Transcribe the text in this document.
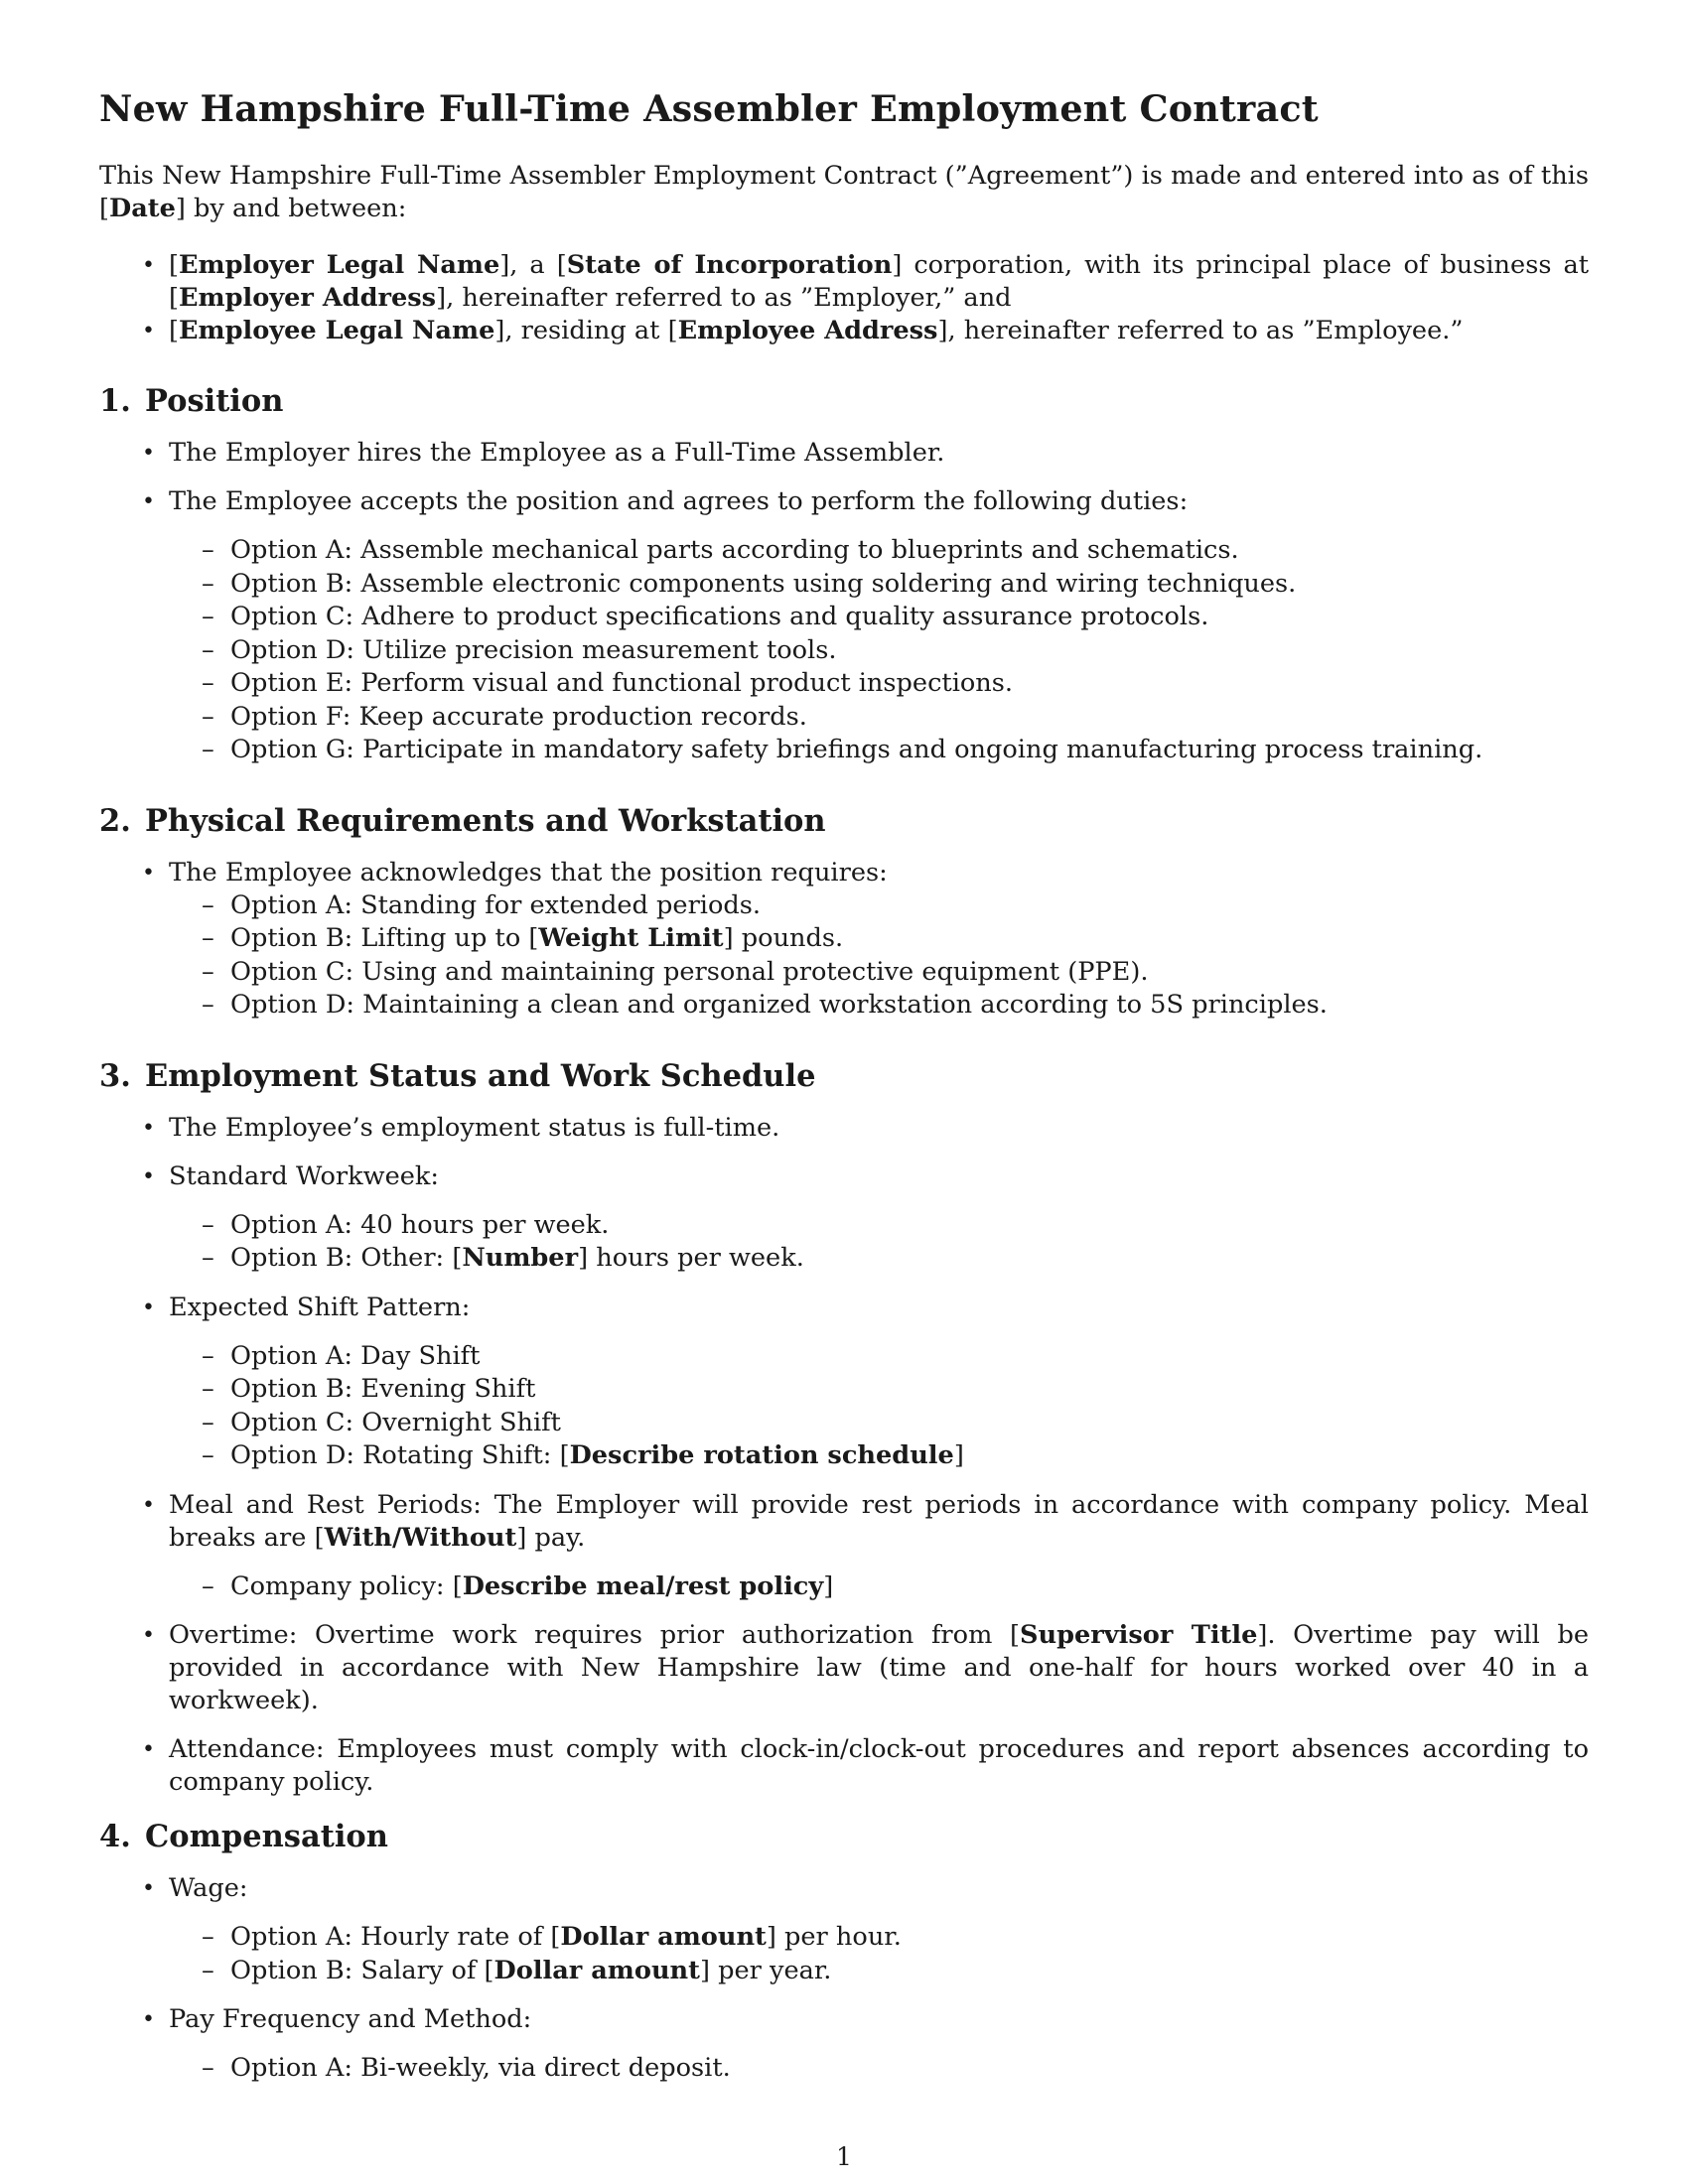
New Hampshire Full-Time Assembler Employment Contract

This New Hampshire Full-Time Assembler Employment Contract (”Agreement”) is made and entered into as of this [Date] by and between:

• [Employer Legal Name], a [State of Incorporation] corporation, with its principal place of business at [Employer Address], hereinafter referred to as ”Employer,” and
• [Employee Legal Name], residing at [Employee Address], hereinafter referred to as ”Employee.”
1. Position
• The Employer hires the Employee as a Full-Time Assembler.
• The Employee accepts the position and agrees to perform the following duties:
– Option A: Assemble mechanical parts according to blueprints and schematics.
– Option B: Assemble electronic components using soldering and wiring techniques.
– Option C: Adhere to product specifications and quality assurance protocols.
– Option D: Utilize precision measurement tools.
– Option E: Perform visual and functional product inspections.
– Option F: Keep accurate production records.
– Option G: Participate in mandatory safety briefings and ongoing manufacturing process training.
2. Physical Requirements and Workstation
• The Employee acknowledges that the position requires:
– Option A: Standing for extended periods.
– Option B: Lifting up to [Weight Limit] pounds.
– Option C: Using and maintaining personal protective equipment (PPE).
– Option D: Maintaining a clean and organized workstation according to 5S principles.
3. Employment Status and Work Schedule
• The Employee’s employment status is full-time.
• Standard Workweek:
– Option A: 40 hours per week.
– Option B: Other: [Number] hours per week.
• Expected Shift Pattern:
– Option A: Day Shift
– Option B: Evening Shift
– Option C: Overnight Shift
– Option D: Rotating Shift: [Describe rotation schedule]
• Meal and Rest Periods: The Employer will provide rest periods in accordance with company policy. Meal breaks are [With/Without] pay.
– Company policy: [Describe meal/rest policy]
• Overtime: Overtime work requires prior authorization from [Supervisor Title]. Overtime pay will be provided in accordance with New Hampshire law (time and one-half for hours worked over 40 in a workweek).
• Attendance: Employees must comply with clock-in/clock-out procedures and report absences according to company policy.
4. Compensation
• Wage:
– Option A: Hourly rate of [Dollar amount] per hour.
– Option B: Salary of [Dollar amount] per year.
• Pay Frequency and Method:
– Option A: Bi-weekly, via direct deposit.
1
